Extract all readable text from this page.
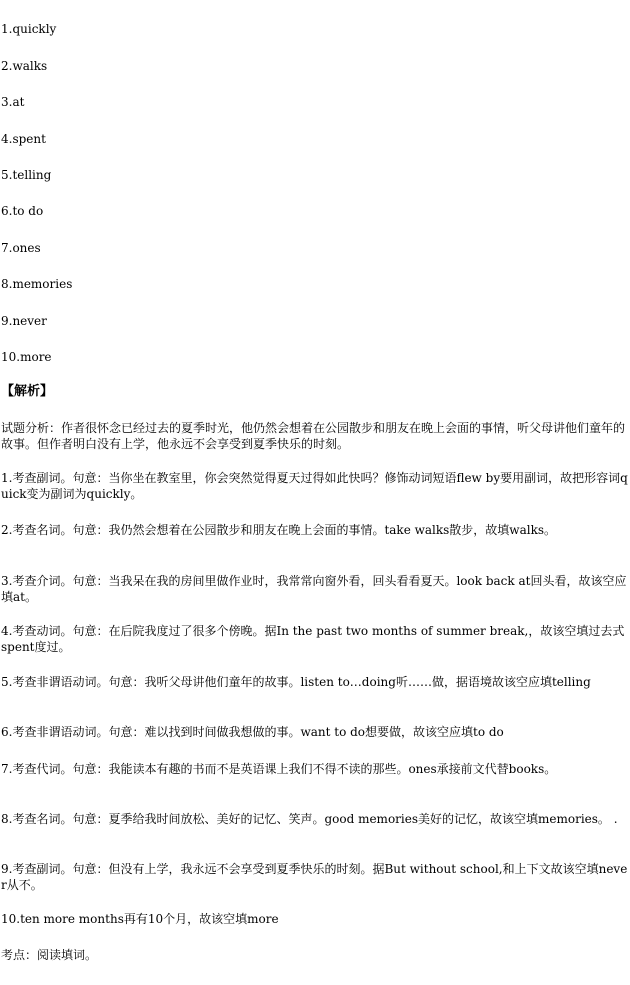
1.quickly
2.walks
3.at
4.spent
5.telling
6.to do
7.ones
8.memories
9.never
10.more
【解析】
试题分析：作者很怀念已经过去的夏季时光，他仍然会想着在公园散步和朋友在晚上会面的事情，听父母讲他们童年的故事。但作者明白没有上学，他永远不会享受到夏季快乐的时刻。
1.考查副词。句意：当你坐在教室里，你会突然觉得夏天过得如此快吗？修饰动词短语flew by要用副词，故把形容词quick变为副词为quickly。
2.考查名词。句意：我仍然会想着在公园散步和朋友在晚上会面的事情。take walks散步，故填walks。
3.考查介词。句意：当我呆在我的房间里做作业时，我常常向窗外看，回头看看夏天。look back at回头看，故该空应填at。
4.考查动词。句意：在后院我度过了很多个傍晚。据In the past two months of summer break,，故该空填过去式spent度过。
5.考查非谓语动词。句意：我听父母讲他们童年的故事。listen to…doing听……做，据语境故该空应填telling
6.考查非谓语动词。句意：难以找到时间做我想做的事。want to do想要做，故该空应填to do
7.考查代词。句意：我能读本有趣的书而不是英语课上我们不得不读的那些。ones承接前文代替books。
8.考查名词。句意：夏季给我时间放松、美好的记忆、笑声。good memories美好的记忆，故该空填memories。 .
9.考查副词。句意：但没有上学，我永远不会享受到夏季快乐的时刻。据But without school,和上下文故该空填never从不。
10.ten more months再有10个月，故该空填more
考点：阅读填词。
